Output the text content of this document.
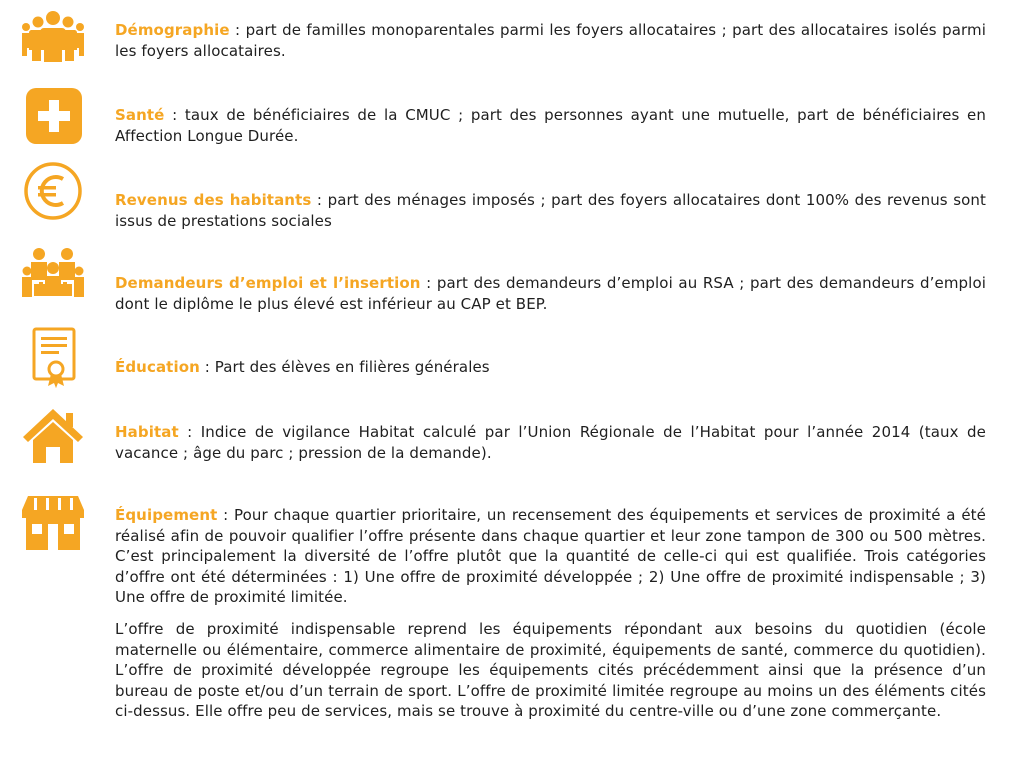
Démographie : part de familles monoparentales parmi les foyers allocataires ; part des allocataires isolés parmi les foyers allocataires.

Santé : taux de bénéficiaires de la CMUC ; part des personnes ayant une mutuelle, part de bénéficiaires en Affection Longue Durée.

Revenus des habitants : part des ménages imposés ; part des foyers allocataires dont 100% des revenus sont issus de prestations sociales

Demandeurs d’emploi et l’insertion : part des demandeurs d’emploi au RSA ; part des demandeurs d’emploi dont le diplôme le plus élevé est inférieur au CAP et BEP.

Éducation : Part des élèves en filières générales

Habitat : Indice de vigilance Habitat calculé par l’Union Régionale de l’Habitat pour l’année 2014 (taux de vacance ; âge du parc ; pression de la demande).

Équipement : Pour chaque quartier prioritaire, un recensement des équipements et services de proximité a été réalisé afin de pouvoir qualifier l’offre présente dans chaque quartier et leur zone tampon de 300 ou 500 mètres. C’est principalement la diversité de l’offre plutôt que la quantité de celle-ci qui est qualifiée. Trois catégories d’offre ont été déterminées : 1) Une offre de proximité développée ; 2) Une offre de proximité indispensable ; 3) Une offre de proximité limitée.

L’offre de proximité indispensable reprend les équipements répondant aux besoins du quotidien (école maternelle ou élémentaire, commerce alimentaire de proximité, équipements de santé, commerce du quotidien). L’offre de proximité développée regroupe les équipements cités précédemment ainsi que la présence d’un bureau de poste et/ou d’un terrain de sport. L’offre de proximité limitée regroupe au moins un des éléments cités ci-dessus. Elle offre peu de services, mais se trouve à proximité du centre-ville ou d’une zone commerçante.
